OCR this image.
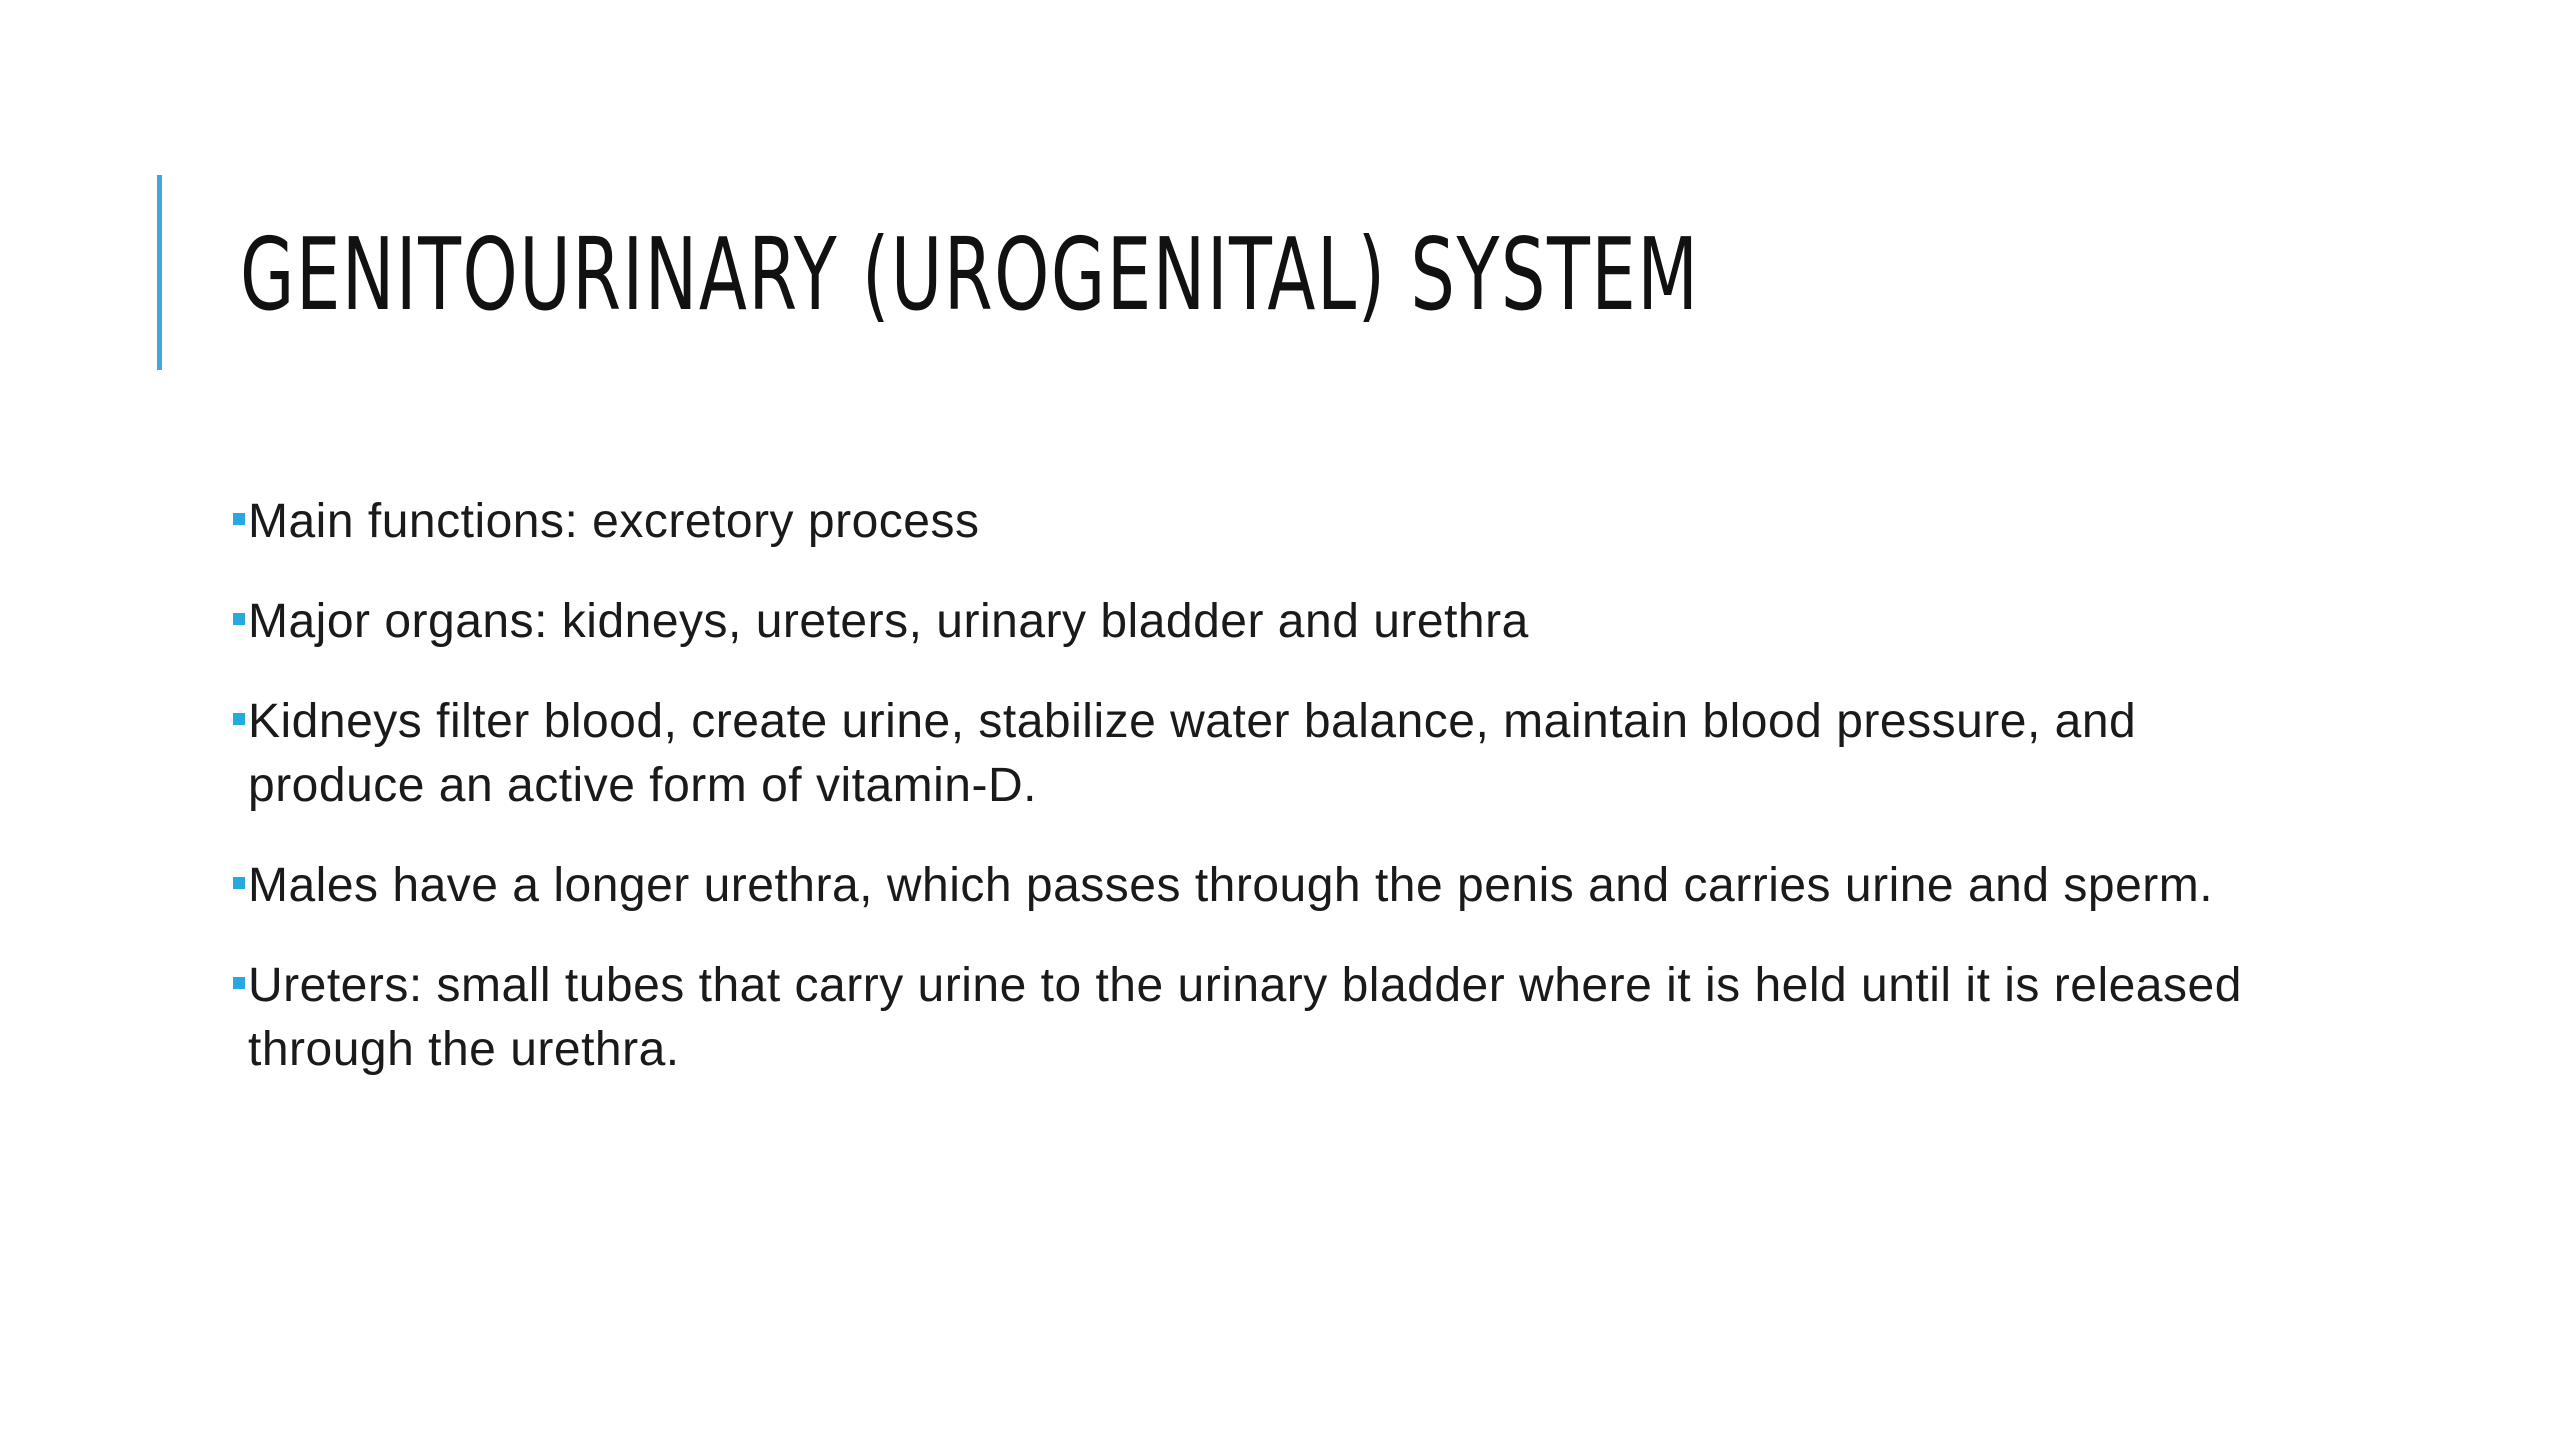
GENITOURINARY (UROGENITAL) SYSTEM
Main functions: excretory process
Major organs: kidneys, ureters, urinary bladder and urethra
Kidneys filter blood, create urine, stabilize water balance, maintain blood pressure, and produce an active form of vitamin-D.
Males have a longer urethra, which passes through the penis and carries urine and sperm.
Ureters: small tubes that carry urine to the urinary bladder where it is held until it is released through the urethra.
